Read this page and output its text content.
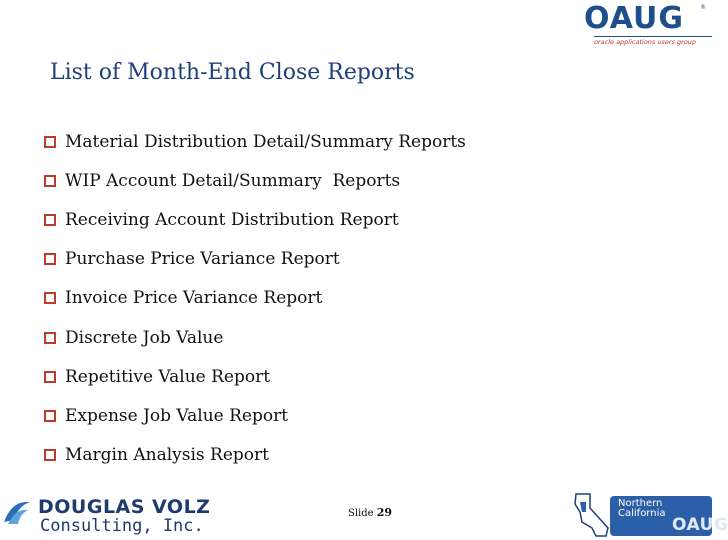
OAUG	®
oracle applications users group
List of Month-End Close Reports
Material Distribution Detail/Summary Reports
WIP Account Detail/Summary  Reports
Receiving Account Distribution Report
Purchase Price Variance Report
Invoice Price Variance Report
Discrete Job Value
Repetitive Value Report
Expense Job Value Report
Margin Analysis Report
DOUGLAS VOLZ
Consulting, Inc.
Slide 29
Northern
California
OAUG
